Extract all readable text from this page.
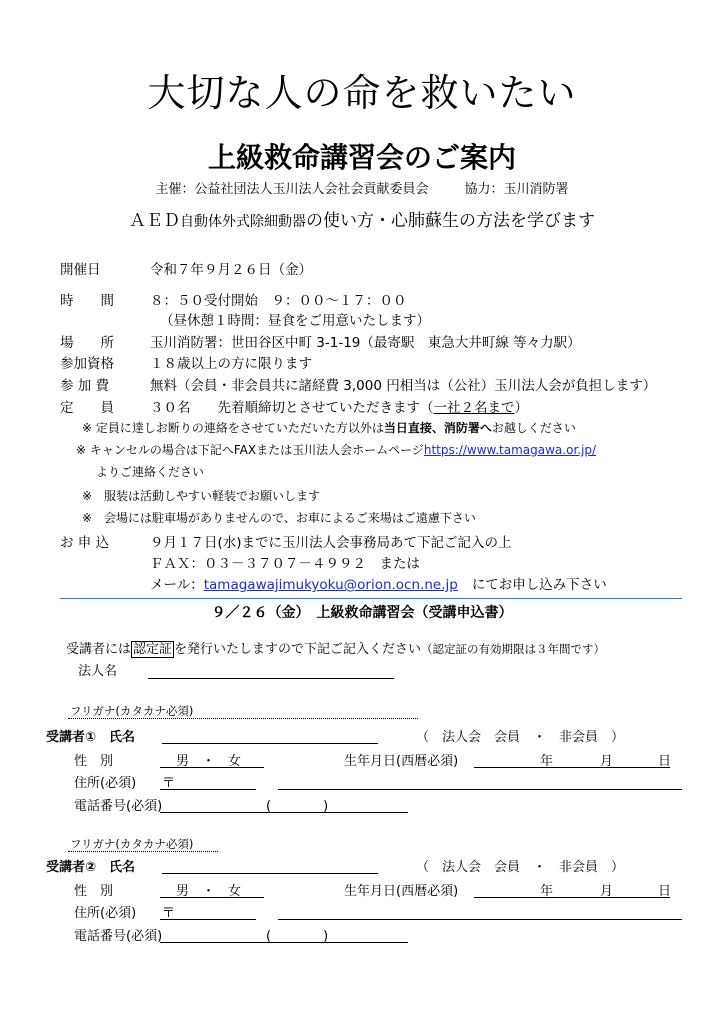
大切な人の命を救いたい
上級救命講習会のご案内
主催：公益社団法人玉川法人会社会貢献委員会	協力：玉川消防署
ＡＥＤ自動体外式除細動器の使い方・心肺蘇生の方法を学びます
開催日	令和７年９月２６日（金）
時　　間	８：５０受付開始　９：００～１７：００
（昼休憩１時間：昼食をご用意いたします）
場　　所	玉川消防署：世田谷区中町 3-1-19（最寄駅　東急大井町線 等々力駅）
参加資格	１８歳以上の方に限ります
参 加 費	無料（会員・非会員共に諸経費 3,000 円相当は（公社）玉川法人会が負担します）
定　　員	３０名　　先着順締切とさせていただきます（一社２名まで）
※ 定員に達しお断りの連絡をさせていただいた方以外は当日直接、消防署へお越しください
※ キャンセルの場合は下記へFAXまたは玉川法人会ホームページhttps://www.tamagawa.or.jp/
よりご連絡ください
※　服装は活動しやすい軽装でお願いします
※　会場には駐車場がありませんので、お車によるご来場はご遠慮下さい
お 申 込	９月１７日(水)までに玉川法人会事務局あて下記ご記入の上
ＦＡＸ：０３－３７０７－４９９２　または
メール：tamagawajimukyoku@orion.ocn.ne.jp にてお申し込み下さい
９／２６（金）　上級救命講習会（受講申込書）
受講者には 認定証 を発行いたしますので下記ご記入ください（認定証の有効期限は３年間です）
法人名
フリガナ(カタカナ必須)
受講者①　氏名	（　法人会　会員　・　非会員　）
性　別	男　・　女	生年月日(西暦必須)	年	月	日
住所(必須) 〒
電話番号(必須)	(　　　　)
フリガナ(カタカナ必須)
受講者②　氏名	（　法人会　会員　・　非会員　）
性　別	男　・　女	生年月日(西暦必須)	年	月	日
住所(必須) 〒
電話番号(必須)	(　　　　)
